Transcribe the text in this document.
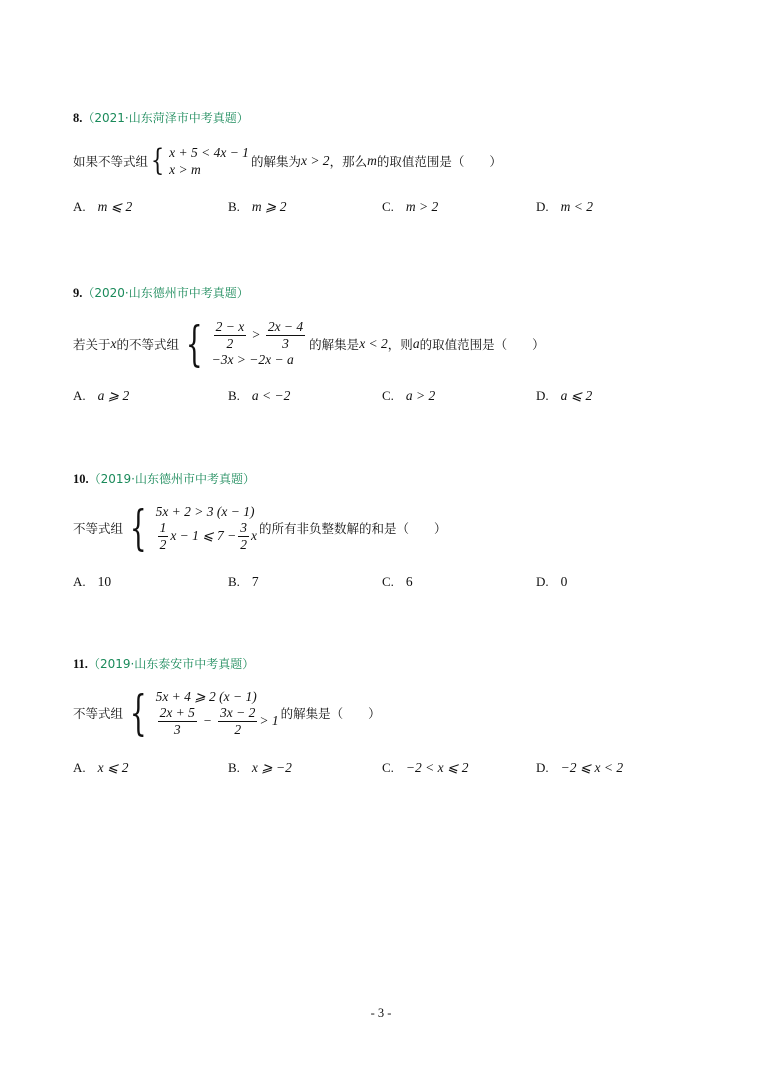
8.（2021·山东菏泽市中考真题）
如果不等式组 { x + 5 < 4x − 1
x > m	的解集为 x > 2 ，那么 m 的取值范围是（　　）
A. m ⩽ 2	B. m ⩾ 2	C. m > 2	D. m < 2
9.（2020·山东德州市中考真题）
若关于 x 的不等式组 { $\frac{2 - x}{2} > \frac{2x - 4}{3}$
−3x > −2x − a
的解集是 x < 2 ，则 a 的取值范围是（　　）
A. a ⩾ 2	B. a < −2	C. a > 2	D. a ⩽ 2
10.（2019·山东德州市中考真题）
不等式组 { 5x + 2 > 3 (x − 1)
$\frac{1}{2}$ x − 1 ⩽ $7 - \frac{3}{2}$ x 的所有非负整数解的和是（　　）
A. 10	B. 7	C. 6	D. 0
11.（2019·山东泰安市中考真题）
不等式组 { 5x + 4 ⩾ 2 (x − 1)
$\frac{2x + 5}{3} - \frac{3x - 2}{2} > 1$ 的解集是（　　）
A. x ⩽ 2	B. x ⩾ −2	C. −2 < x ⩽ 2	D. −2 ⩽ x < 2
- 3 -
